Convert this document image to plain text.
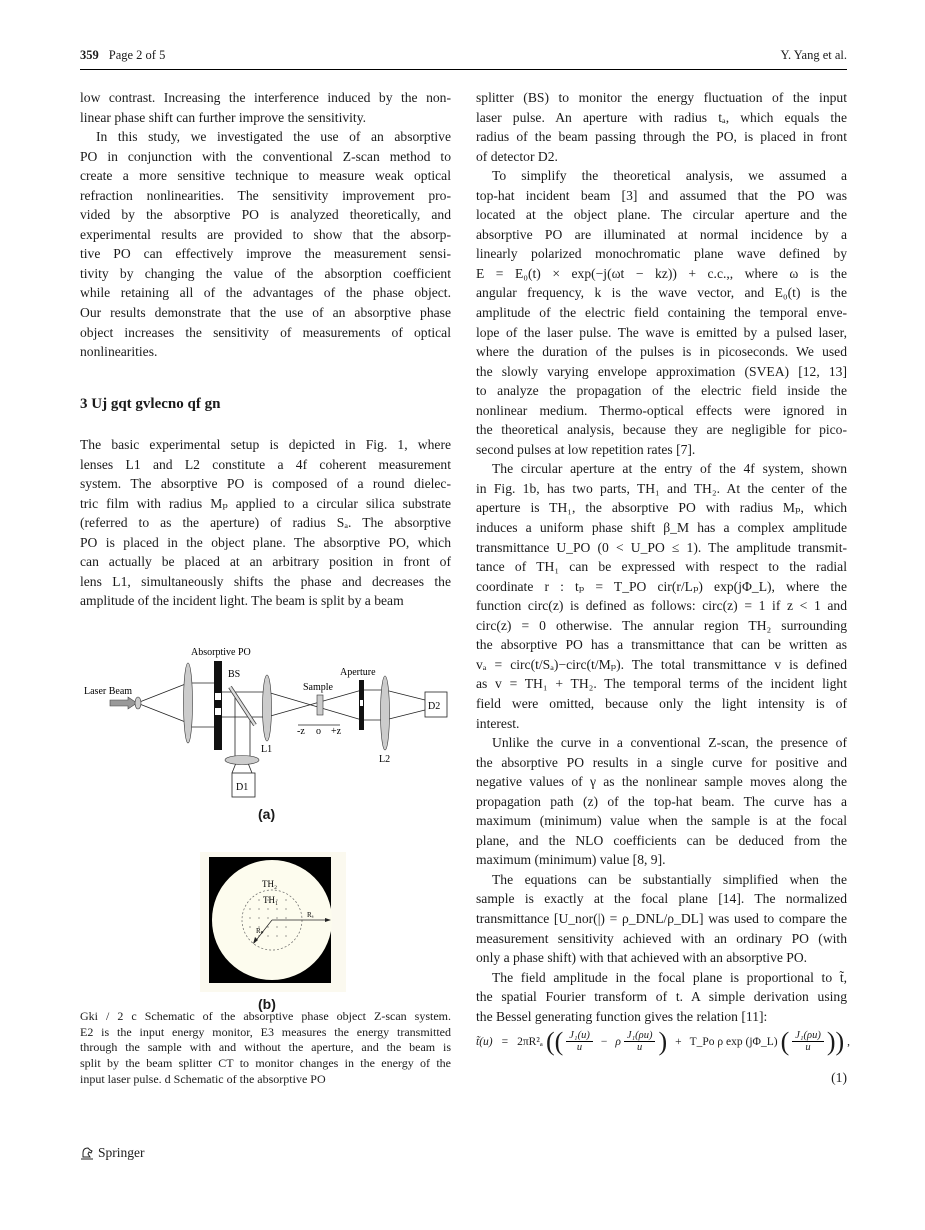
359 Page 2 of 5	Y. Yang et al.
low contrast. Increasing the interference induced by the non-
linear phase shift can further improve the sensitivity.
In this study, we investigated the use of an absorptive
PO in conjunction with the conventional Z-scan method to
create a more sensitive technique to measure weak optical
refraction nonlinearities. The sensitivity improvement pro-
vided by the absorptive PO is analyzed theoretically, and
experimental results are provided to show that the absorp-
tive PO can effectively improve the measurement sensi-
tivity by changing the value of the absorption coefficient
while retaining all of the advantages of the phase object.
Our results demonstrate that the use of an absorptive phase
object increases the sensitivity of measurements of optical
nonlinearities.
3 Uj gqt gvlecno qf gn
The basic experimental setup is depicted in Fig. 1, where
lenses L1 and L2 constitute a 4f coherent measurement
system. The absorptive PO is composed of a round dielec-
tric film with radius Mₚ applied to a circular silica substrate
(referred to as the aperture) of radius Sₐ. The absorptive
PO is placed in the object plane. The absorptive PO, which
can actually be placed at an arbitrary position in front of
lens L1, simultaneously shifts the phase and decreases the
amplitude of the incident light. The beam is split by a beam
splitter (BS) to monitor the energy fluctuation of the input
laser pulse. An aperture with radius tₐ, which equals the
radius of the beam passing through the PO, is placed in front
of detector D2.
To simplify the theoretical analysis, we assumed a
top-hat incident beam [3] and assumed that the PO was
located at the object plane. The circular aperture and the
absorptive PO are illuminated at normal incidence by a
linearly polarized monochromatic plane wave defined by
E = E₀(t) × exp(−j(ωt − kz)) + c.c.,, where ω is the
angular frequency, k is the wave vector, and E₀(t) is the
amplitude of the electric field containing the temporal enve-
lope of the laser pulse. The wave is emitted by a pulsed laser,
where the duration of the pulses is in picoseconds. We used
the slowly varying envelope approximation (SVEA) [12, 13]
to analyze the propagation of the electric field inside the
nonlinear medium. Thermo-optical effects were ignored in
the theoretical analysis, because they are negligible for pico-
second pulses at low repetition rates [7].
The circular aperture at the entry of the 4f system, shown
in Fig. 1b, has two parts, TH₁ and TH₂. At the center of the
aperture is TH₁, the absorptive PO with radius Mₚ, which
induces a uniform phase shift β_M has a complex amplitude
transmittance U_PO (0 < U_PO ≤ 1). The amplitude transmit-
tance of TH₁ can be expressed with respect to the radial
coordinate r : tₚ = T_PO cir(r/Lₚ) exp(jΦ_L), where the
function circ(z) is defined as follows: circ(z) = 1 if z < 1 and
circ(z) = 0 otherwise. The annular region TH₂ surrounding
the absorptive PO has a transmittance that can be written as
vₐ = circ(t/Sₐ)−circ(t/Mₚ). The total transmittance v is defined
as v = TH₁ + TH₂. The temporal terms of the incident light
field were omitted, because only the light intensity is of
interest.
Unlike the curve in a conventional Z-scan, the presence of
the absorptive PO results in a single curve for positive and
negative values of γ as the nonlinear sample moves along the
propagation path (z) of the top-hat beam. The curve has a
maximum (minimum) value when the sample is at the focal
plane, and the NLO coefficients can be deduced from the
maximum (minimum) value [8, 9].
The equations can be substantially simplified when the
sample is exactly at the focal plane [14]. The normalized
transmittance [U_nor(|) = ρ_DNL/ρ_DL] was used to compare the
measurement sensitivity achieved with an ordinary PO (with
only a phase shift) with that achieved with an absorptive PO.
The field amplitude in the focal plane is proportional to t̃,
the spatial Fourier transform of t. A simple derivation using
the Bessel generating function gives the relation [11]:
Absorptive PO
BS
Laser Beam	Sample
Aperture
-z o +z
D1
D2
L1
L2
(a)
TH₂
TH₁
Rₐ
Rₚ
(b)
Gki / 2 c Schematic of the absorptive phase object Z-scan system.
E2 is the input energy monitor, E3 measures the energy transmitted
through the sample with and without the aperture, and the beam is
split by the beam splitter CT to monitor changes in the energy of the
input laser pulse. d Schematic of the absorptive PO
t̃(u) = 2πR²ₐ (( $\frac{\text{J₁(u)}}{u} - \rho \frac{\text{J₁(ρu)}}{u}$ ) + T_Po ρ exp (jΦ_L) ( $\frac{\text{J₁(ρu)}}{u}$ )) ,
(1)
Springer
